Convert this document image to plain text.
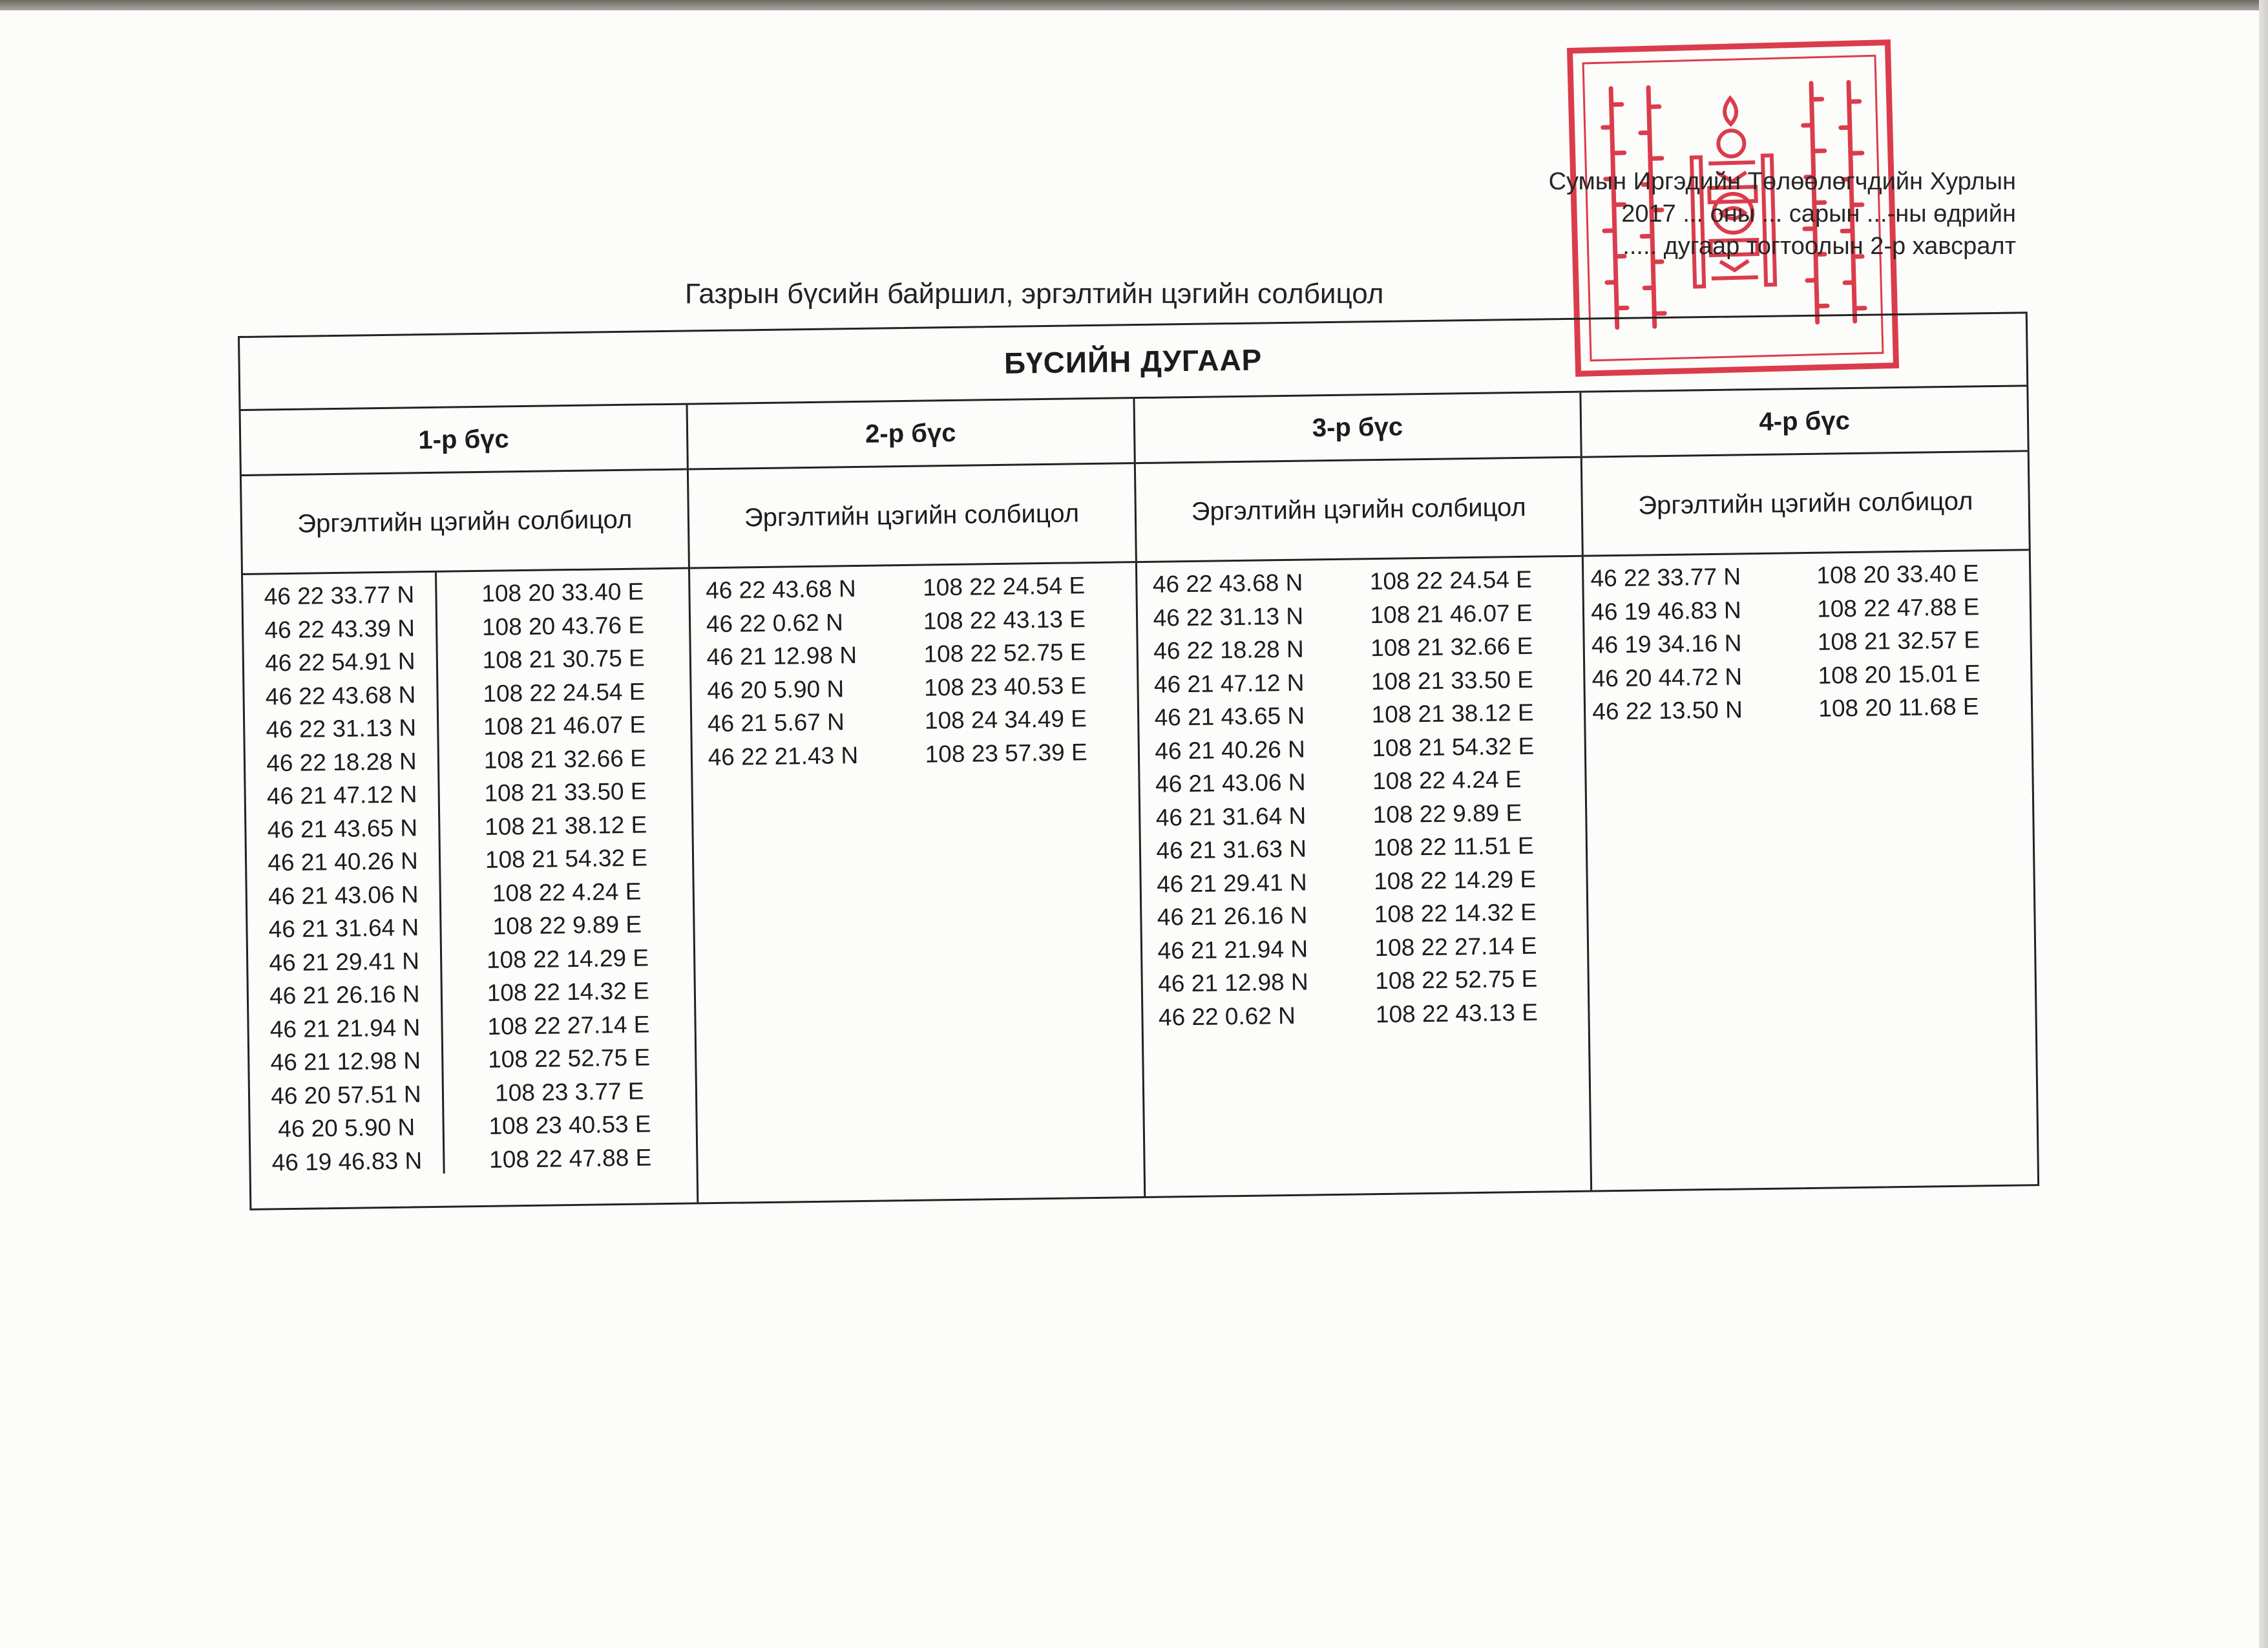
Сумын Иргэдийн Төлөөлөгчдийн Хурлын
2017 ... оны ... сарын ...-ны өдрийн
..... дугаар тогтоолын 2-р хавсралт
Газрын бүсийн байршил, эргэлтийн цэгийн солбицол
БҮСИЙН ДУГААР
1-р бүс
Эргэлтийн цэгийн солбицол
46 22 33.77 N
46 22 43.39 N
46 22 54.91 N
46 22 43.68 N
46 22 31.13 N
46 22 18.28 N
46 21 47.12 N
46 21 43.65 N
46 21 40.26 N
46 21 43.06 N
46 21 31.64 N
46 21 29.41 N
46 21 26.16 N
46 21 21.94 N
46 21 12.98 N
46 20 57.51 N
46 20 5.90 N
46 19 46.83 N
108 20 33.40 E
108 20 43.76 E
108 21 30.75 E
108 22 24.54 E
108 21 46.07 E
108 21 32.66 E
108 21 33.50 E
108 21 38.12 E
108 21 54.32 E
108 22 4.24 E
108 22 9.89 E
108 22 14.29 E
108 22 14.32 E
108 22 27.14 E
108 22 52.75 E
108 23 3.77 E
108 23 40.53 E
108 22 47.88 E
2-р бүс
Эргэлтийн цэгийн солбицол
46 22 43.68 N
46 22 0.62 N
46 21 12.98 N
46 20 5.90 N
46 21 5.67 N
46 22 21.43 N
108 22 24.54 E
108 22 43.13 E
108 22 52.75 E
108 23 40.53 E
108 24 34.49 E
108 23 57.39 E
3-р бүс
Эргэлтийн цэгийн солбицол
46 22 43.68 N
46 22 31.13 N
46 22 18.28 N
46 21 47.12 N
46 21 43.65 N
46 21 40.26 N
46 21 43.06 N
46 21 31.64 N
46 21 31.63 N
46 21 29.41 N
46 21 26.16 N
46 21 21.94 N
46 21 12.98 N
46 22 0.62 N
108 22 24.54 E
108 21 46.07 E
108 21 32.66 E
108 21 33.50 E
108 21 38.12 E
108 21 54.32 E
108 22 4.24 E
108 22 9.89 E
108 22 11.51 E
108 22 14.29 E
108 22 14.32 E
108 22 27.14 E
108 22 52.75 E
108 22 43.13 E
4-р бүс
Эргэлтийн цэгийн солбицол
46 22 33.77 N
46 19 46.83 N
46 19 34.16 N
46 20 44.72 N
46 22 13.50 N
108 20 33.40 E
108 22 47.88 E
108 21 32.57 E
108 20 15.01 E
108 20 11.68 E
